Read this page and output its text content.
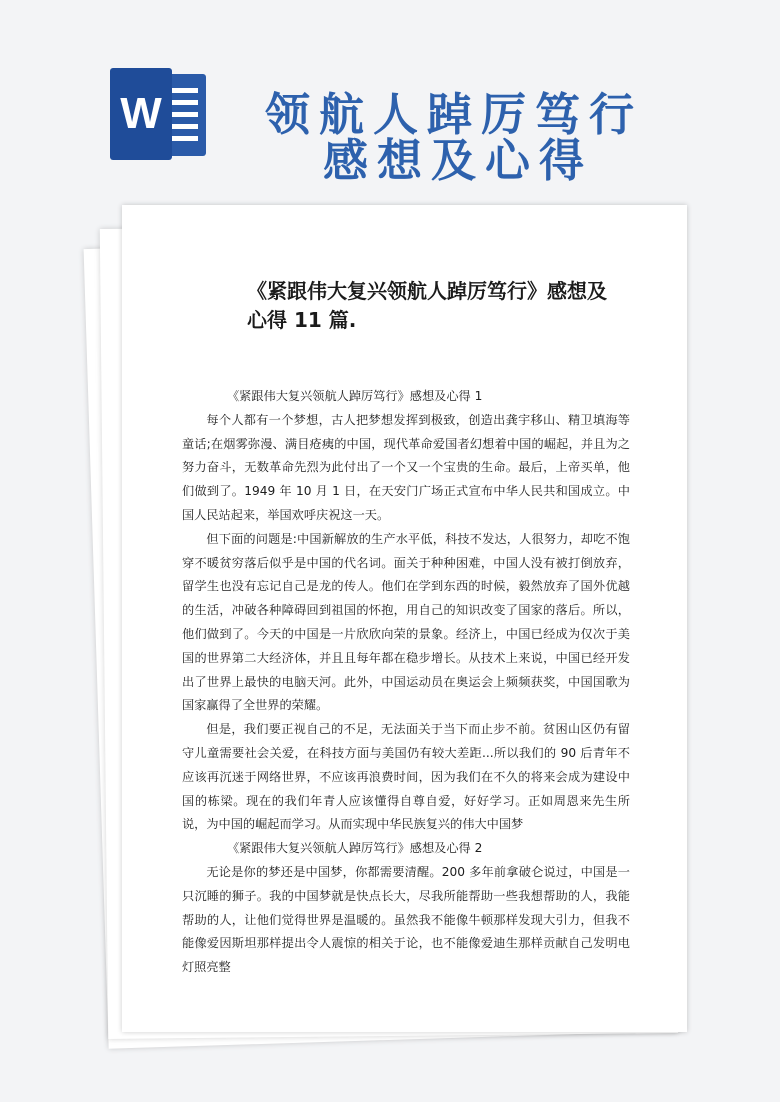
W 领航人踔厉笃行
感想及心得
《紧跟伟大复兴领航人踔厉笃行》感想及心得 11 篇.

《紧跟伟大复兴领航人踔厉笃行》感想及心得 1

每个人都有一个梦想，古人把梦想发挥到极致，创造出龚宇移山、精卫填海等童话;在烟雾弥漫、满目疮痍的中国，现代革命爱国者幻想着中国的崛起，并且为之努力奋斗，无数革命先烈为此付出了一个又一个宝贵的生命。最后，上帝买单，他们做到了。1949 年 10 月 1 日，在天安门广场正式宣布中华人民共和国成立。中国人民站起来，举国欢呼庆祝这一天。

但下面的问题是:中国新解放的生产水平低，科技不发达，人很努力，却吃不饱穿不暖贫穷落后似乎是中国的代名词。面关于种种困难，中国人没有被打倒放弃，留学生也没有忘记自己是龙的传人。他们在学到东西的时候，毅然放弃了国外优越的生活，冲破各种障碍回到祖国的怀抱，用自己的知识改变了国家的落后。所以，他们做到了。今天的中国是一片欣欣向荣的景象。经济上，中国已经成为仅次于美国的世界第二大经济体，并且且每年都在稳步增长。从技术上来说，中国已经开发出了世界上最快的电脑天河。此外，中国运动员在奥运会上频频获奖，中国国歌为国家赢得了全世界的荣耀。

但是，我们要正视自己的不足，无法面关于当下而止步不前。贫困山区仍有留守儿童需要社会关爱，在科技方面与美国仍有较大差距...所以我们的 90 后青年不应该再沉迷于网络世界，不应该再浪费时间，因为我们在不久的将来会成为建设中国的栋梁。现在的我们年青人应该懂得自尊自爱，好好学习。正如周恩来先生所说，为中国的崛起而学习。从而实现中华民族复兴的伟大中国梦

《紧跟伟大复兴领航人踔厉笃行》感想及心得 2

无论是你的梦还是中国梦，你都需要清醒。200 多年前拿破仑说过，中国是一只沉睡的狮子。我的中国梦就是快点长大，尽我所能帮助一些我想帮助的人，我能帮助的人，让他们觉得世界是温暖的。虽然我不能像牛顿那样发现大引力，但我不能像爱因斯坦那样提出令人震惊的相关于论，也不能像爱迪生那样贡献自己发明电灯照亮整
